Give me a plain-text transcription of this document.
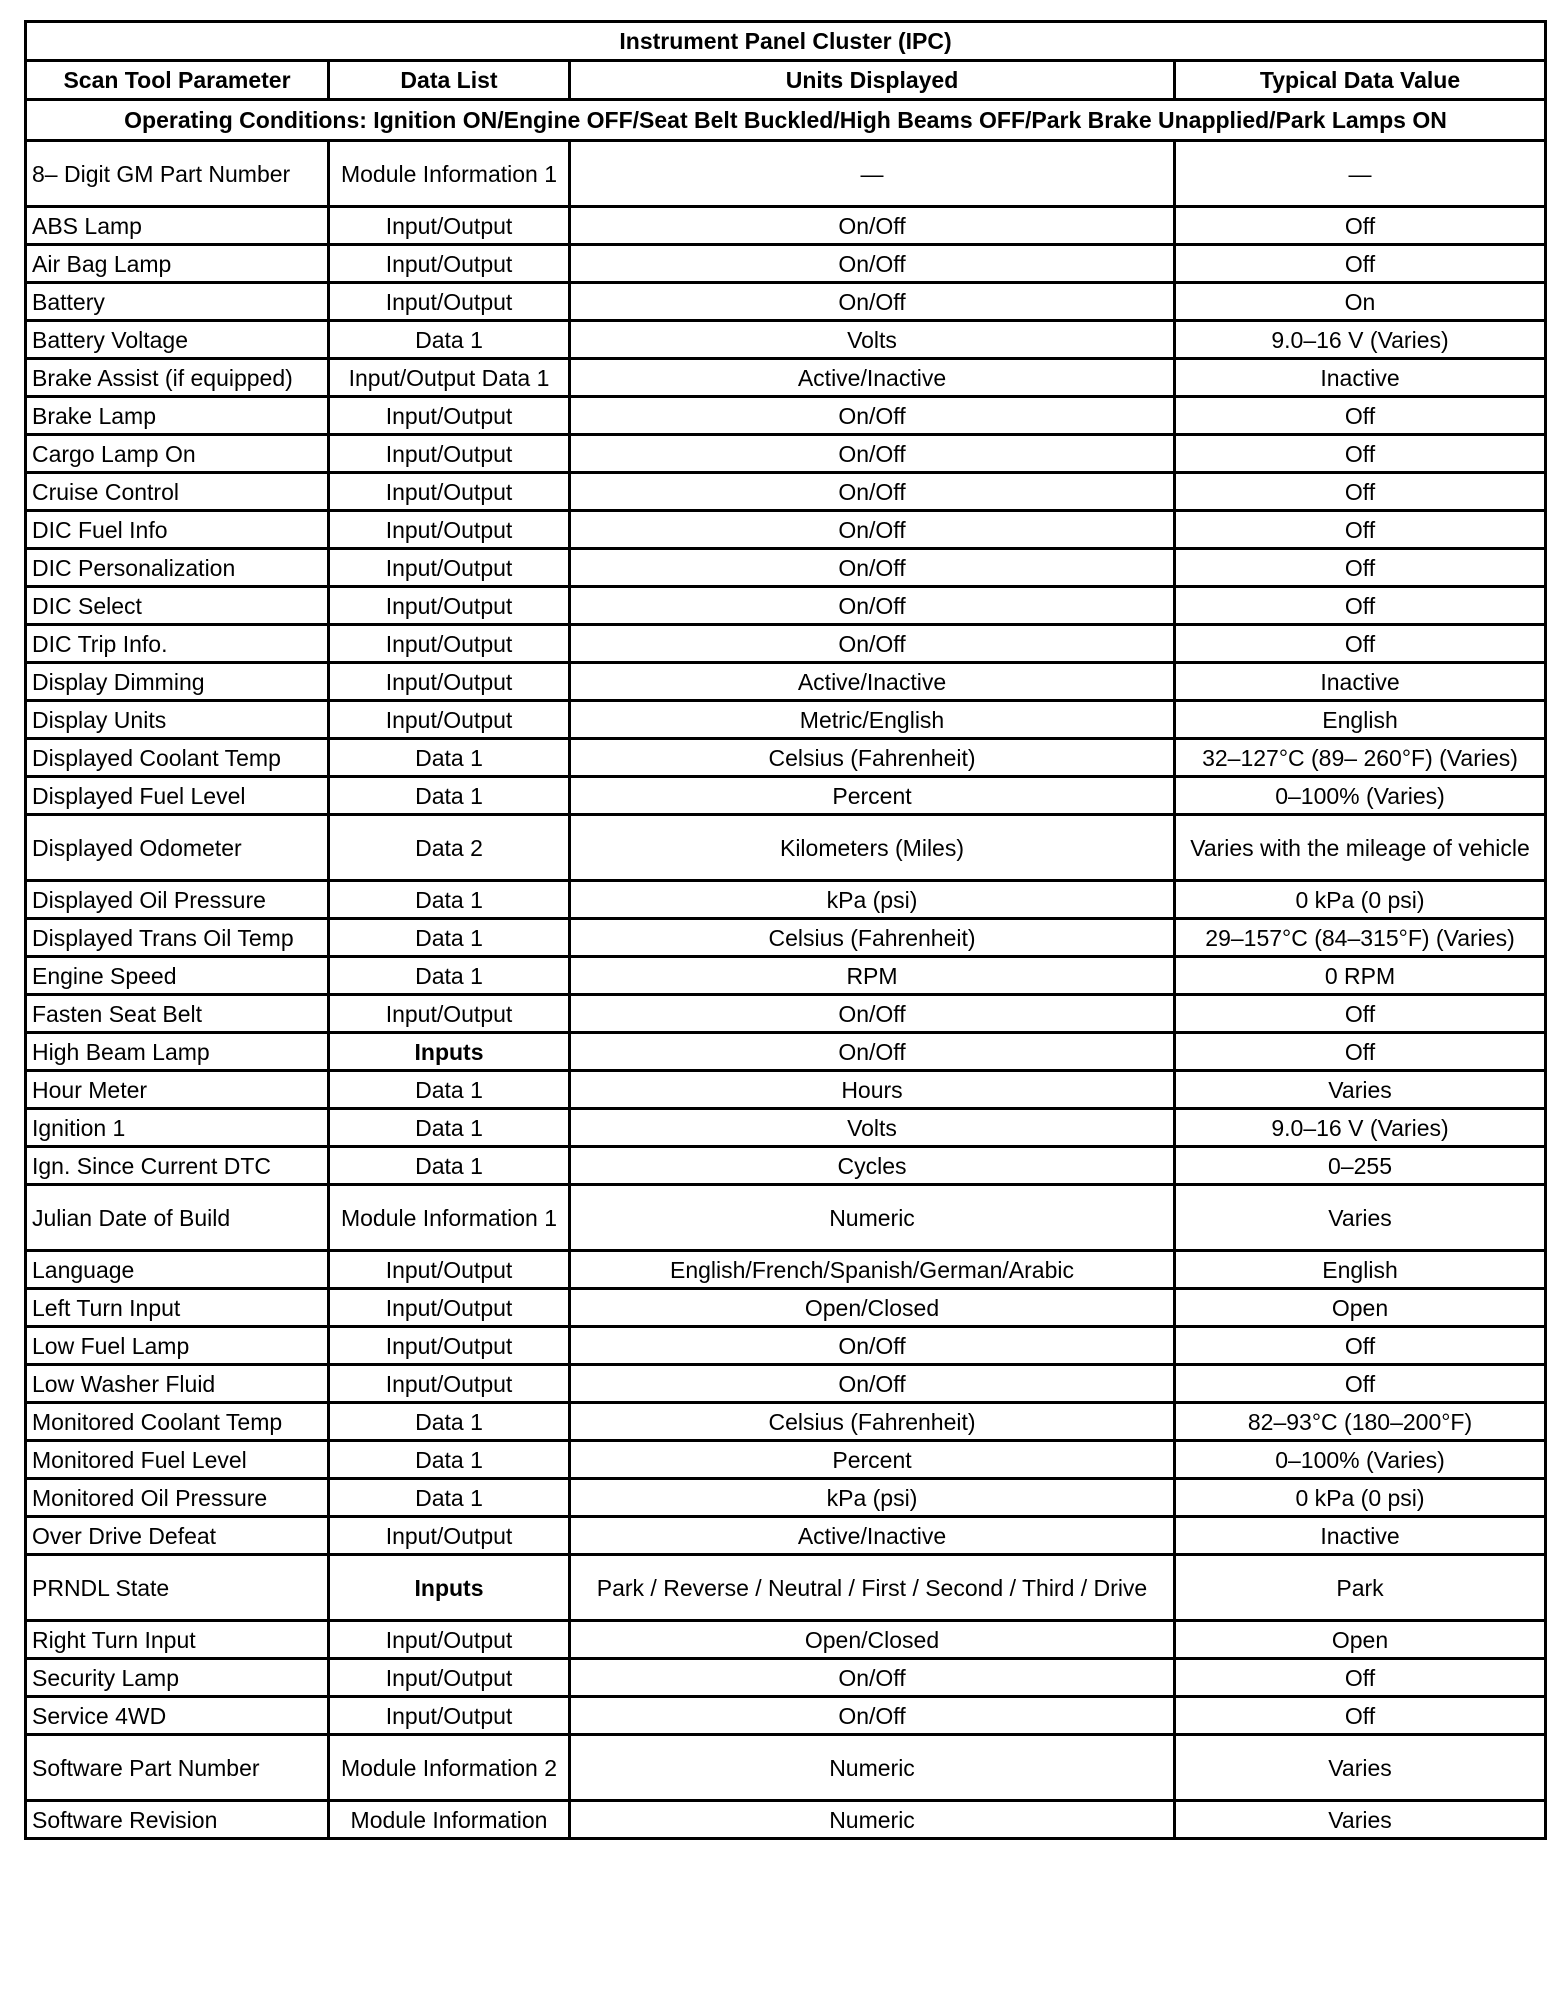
Instrument Panel Cluster (IPC)			
Scan Tool Parameter	Data List	Units Displayed	Typical Data Value
Operating Conditions: Ignition ON/Engine OFF/Seat Belt Buckled/High Beams OFF/Park Brake Unapplied/Park Lamps ON			
8– Digit GM Part Number	Module Information 1	—	—
ABS Lamp	Input/Output	On/Off	Off
Air Bag Lamp	Input/Output	On/Off	Off
Battery	Input/Output	On/Off	On
Battery Voltage	Data 1	Volts	9.0–16 V (Varies)
Brake Assist (if equipped)	Input/Output Data 1	Active/Inactive	Inactive
Brake Lamp	Input/Output	On/Off	Off
Cargo Lamp On	Input/Output	On/Off	Off
Cruise Control	Input/Output	On/Off	Off
DIC Fuel Info	Input/Output	On/Off	Off
DIC Personalization	Input/Output	On/Off	Off
DIC Select	Input/Output	On/Off	Off
DIC Trip Info.	Input/Output	On/Off	Off
Display Dimming	Input/Output	Active/Inactive	Inactive
Display Units	Input/Output	Metric/English	English
Displayed Coolant Temp	Data 1	Celsius (Fahrenheit)	32–127°C (89– 260°F) (Varies)
Displayed Fuel Level	Data 1	Percent	0–100% (Varies)
Displayed Odometer	Data 2	Kilometers (Miles)	Varies with the mileage of vehicle
Displayed Oil Pressure	Data 1	kPa (psi)	0 kPa (0 psi)
Displayed Trans Oil Temp	Data 1	Celsius (Fahrenheit)	29–157°C (84–315°F) (Varies)
Engine Speed	Data 1	RPM	0 RPM
Fasten Seat Belt	Input/Output	On/Off	Off
High Beam Lamp	Inputs	On/Off	Off
Hour Meter	Data 1	Hours	Varies
Ignition 1	Data 1	Volts	9.0–16 V (Varies)
Ign. Since Current DTC	Data 1	Cycles	0–255
Julian Date of Build	Module Information 1	Numeric	Varies
Language	Input/Output	English/French/Spanish/German/Arabic	English
Left Turn Input	Input/Output	Open/Closed	Open
Low Fuel Lamp	Input/Output	On/Off	Off
Low Washer Fluid	Input/Output	On/Off	Off
Monitored Coolant Temp	Data 1	Celsius (Fahrenheit)	82–93°C (180–200°F)
Monitored Fuel Level	Data 1	Percent	0–100% (Varies)
Monitored Oil Pressure	Data 1	kPa (psi)	0 kPa (0 psi)
Over Drive Defeat	Input/Output	Active/Inactive	Inactive
PRNDL State	Inputs	Park / Reverse / Neutral / First / Second / Third / Drive	Park
Right Turn Input	Input/Output	Open/Closed	Open
Security Lamp	Input/Output	On/Off	Off
Service 4WD	Input/Output	On/Off	Off
Software Part Number	Module Information 2	Numeric	Varies
Software Revision	Module Information	Numeric	Varies
